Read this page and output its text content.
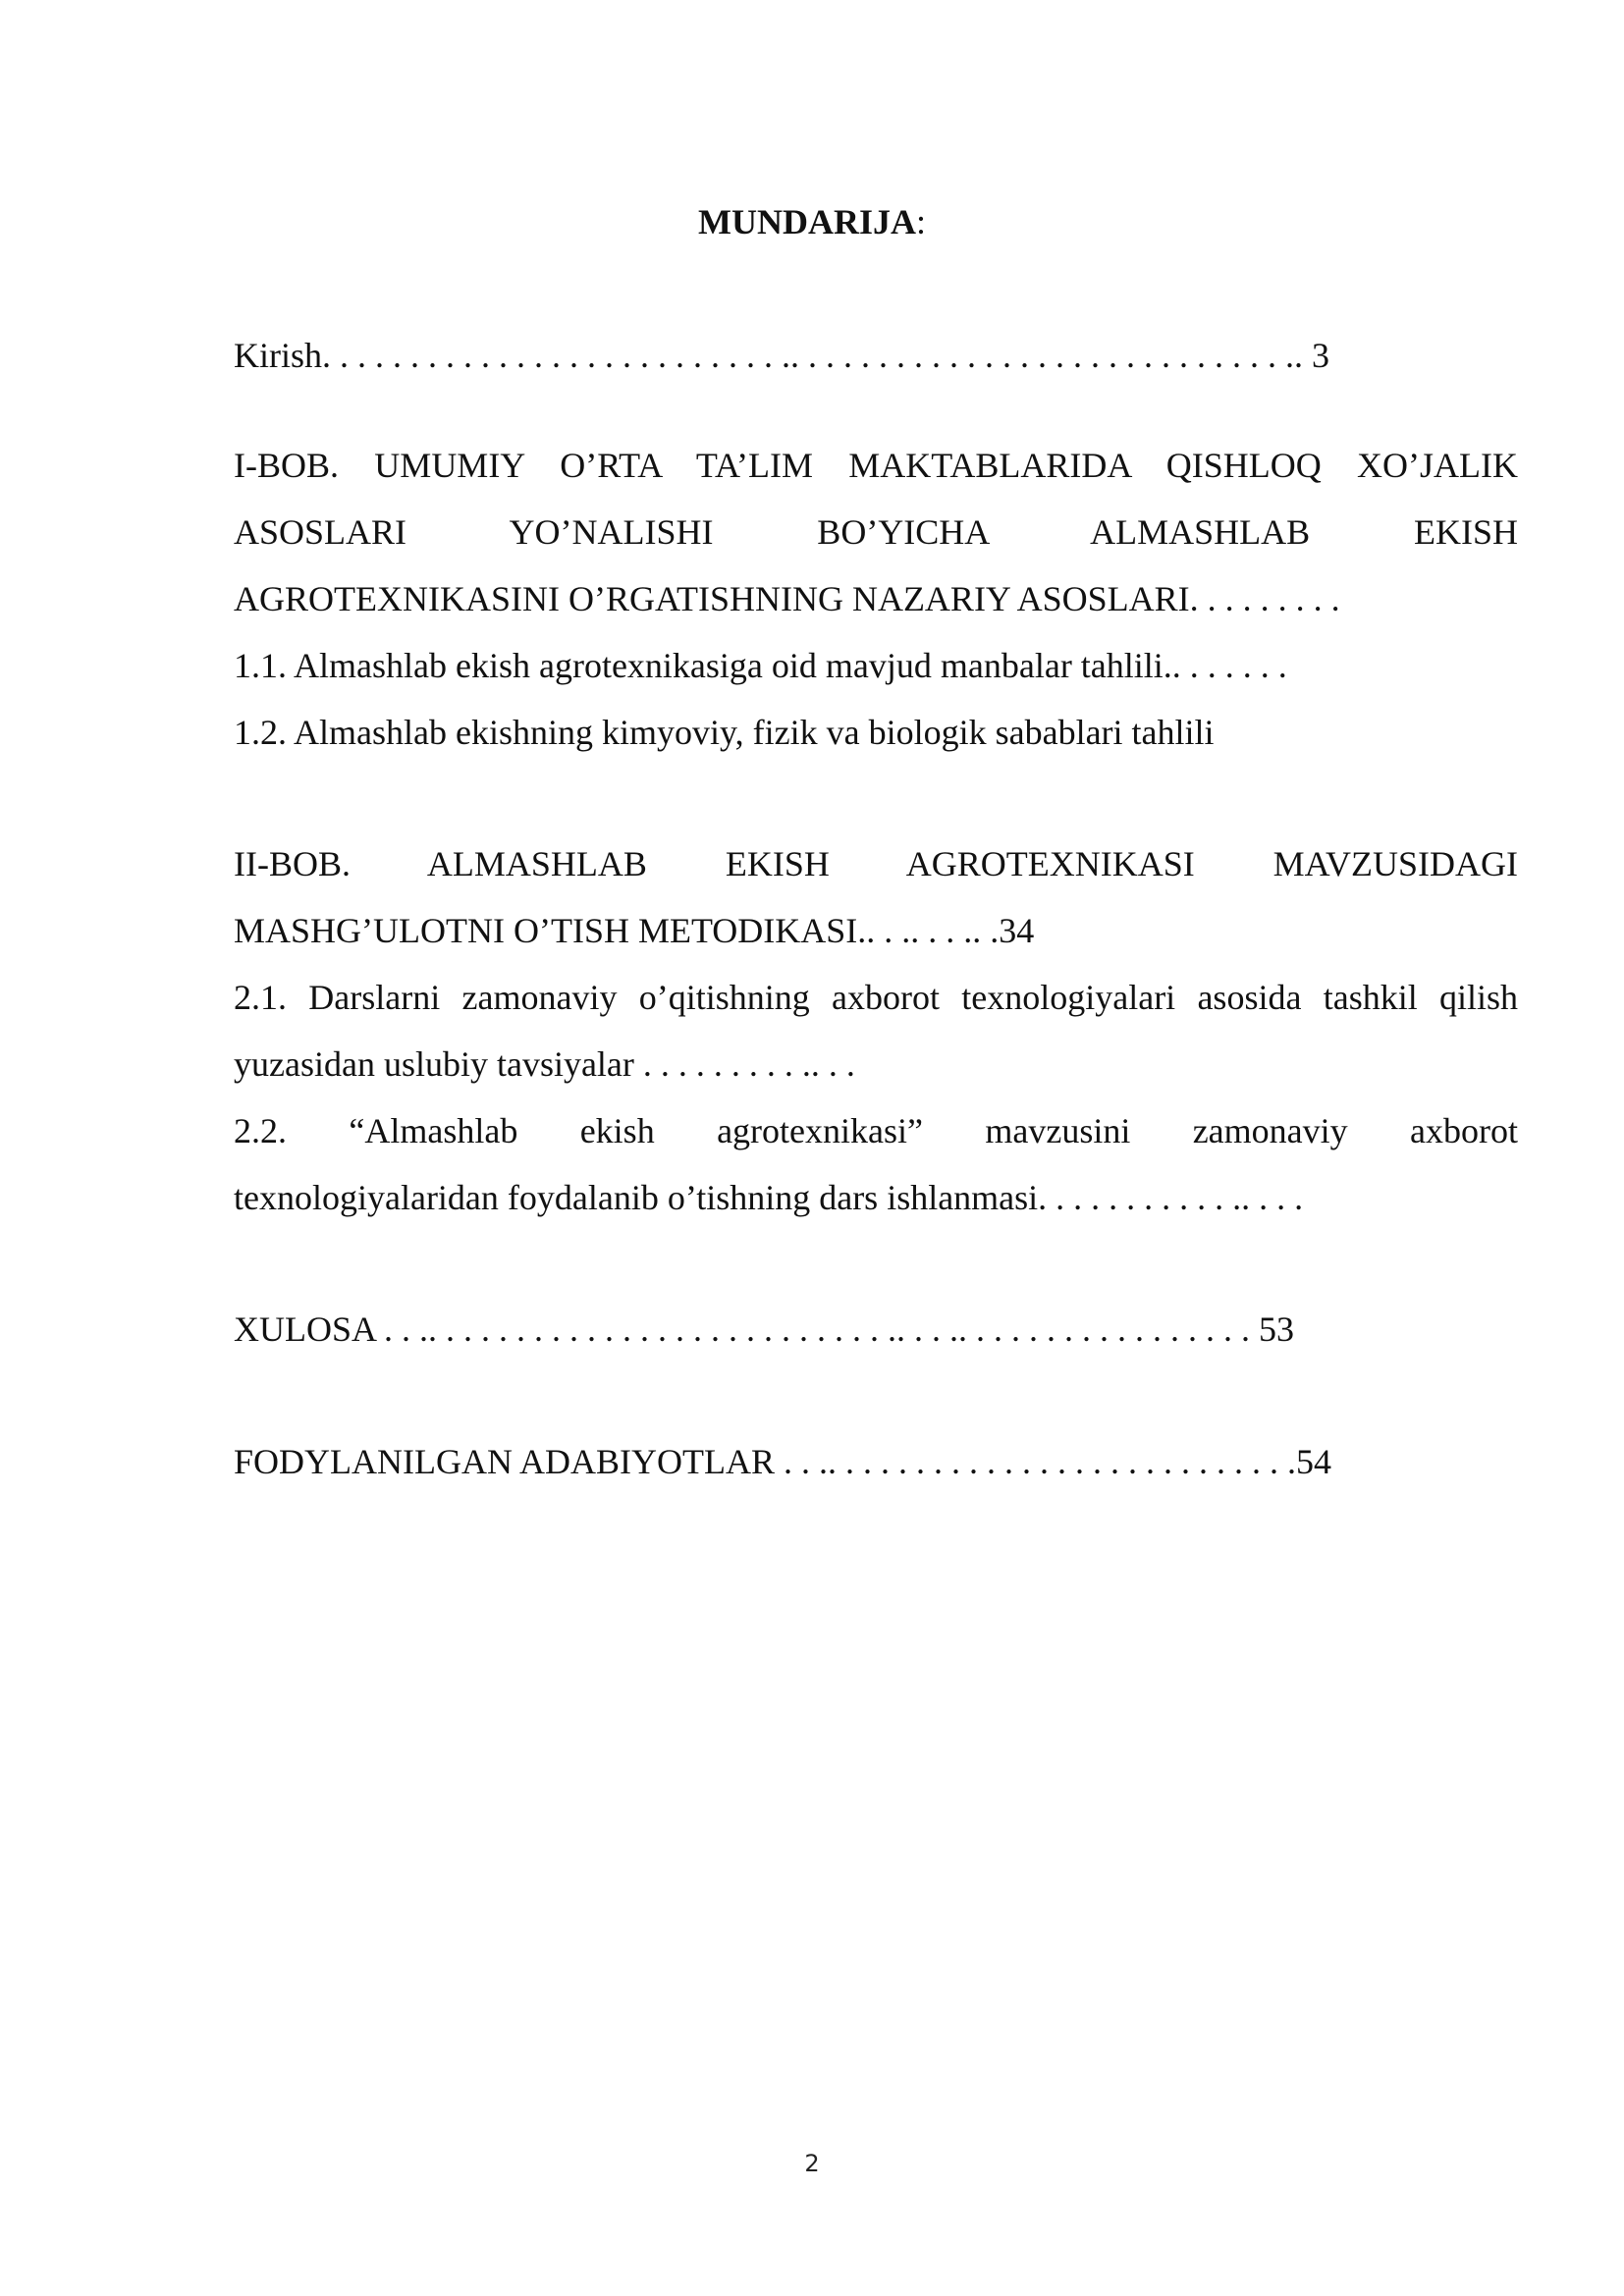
MUNDARIJA:
Kirish. . . . . . . . . . . . . . . . . . . . . . . . . . .. . . . . . . . . . . . . . . . . . . . . . . . . . . . .. 3
I-BOB. UMUMIY O’RTA TA’LIM MAKTABLARIDA QISHLOQ XO’JALIK
ASOSLARI YO’NALISHI BO’YICHA ALMASHLAB EKISH
AGROTEXNIKASINI O’RGATISHNING NAZARIY ASOSLARI. . . . . . . . .
1.1. Almashlab ekish agrotexnikasiga oid mavjud manbalar tahlili.. . . . . . .
1.2. Almashlab ekishning kimyoviy, fizik va biologik sabablari tahlili
II-BOB. ALMASHLAB EKISH AGROTEXNIKASI MAVZUSIDAGI
MASHG’ULOTNI O’TISH METODIKASI.. . .. . . .. .34
2.1. Darslarni zamonaviy o’qitishning axborot texnologiyalari asosida tashkil qilish
yuzasidan uslubiy tavsiyalar . . . . . . . . . .. . .
2.2. “Almashlab ekish agrotexnikasi” mavzusini zamonaviy axborot
texnologiyalaridan foydalanib o’tishning dars ishlanmasi. . . . . . . . . . . .. . . .
XULOSA . . .. . . . . . . . . . . . . . . . . . . . . . . . . . .. . . .. . . . . . . . . . . . . . . . . 53
FODYLANILGAN ADABIYOTLAR . . .. . . . . . . . . . . . . . . . . . . . . . . . . . .54
2
